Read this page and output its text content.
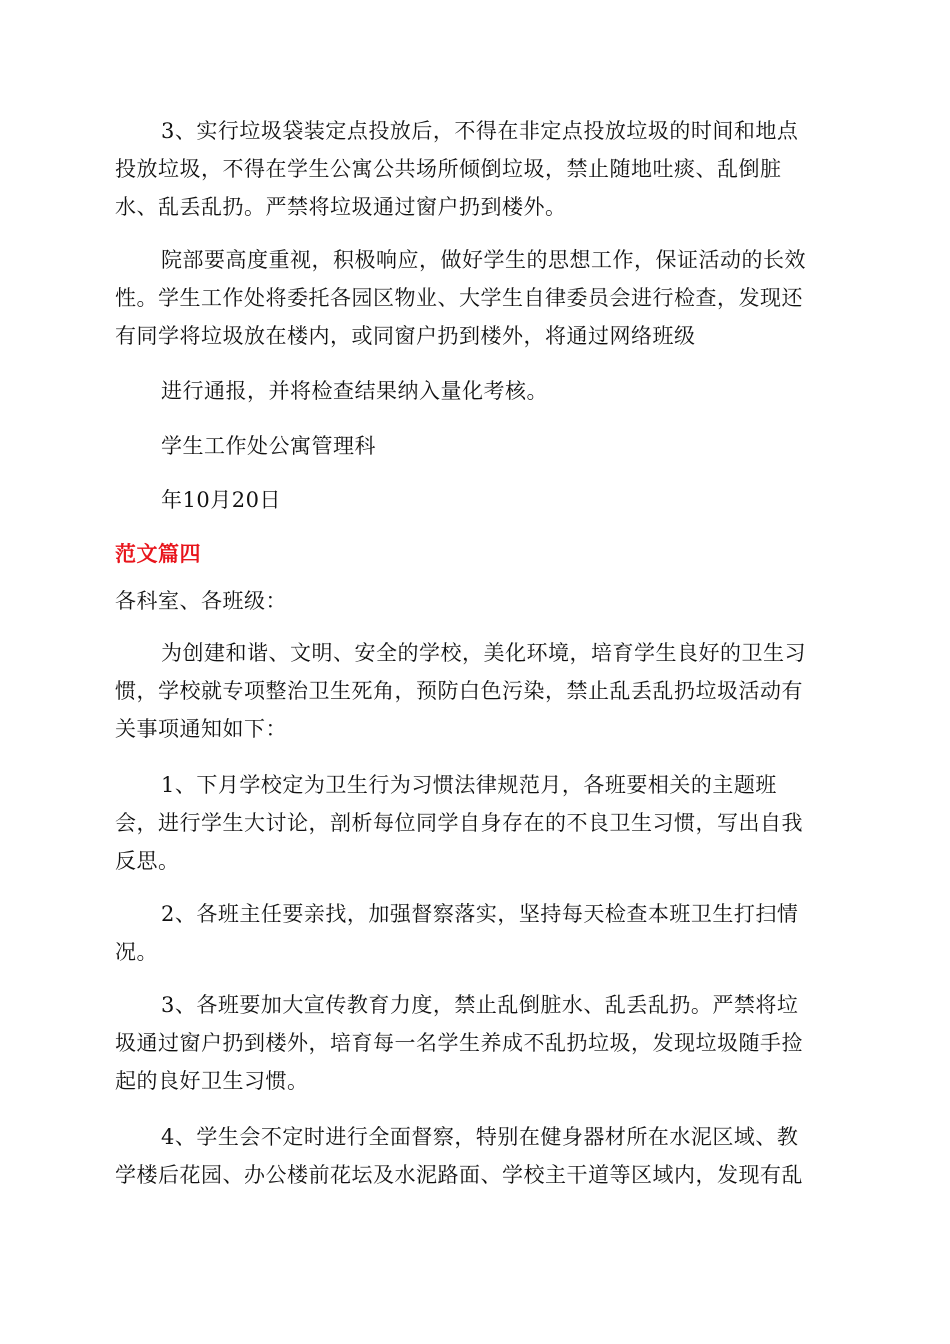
3、实行垃圾袋装定点投放后，不得在非定点投放垃圾的时间和地点
投放垃圾，不得在学生公寓公共场所倾倒垃圾，禁止随地吐痰、乱倒脏
水、乱丢乱扔。严禁将垃圾通过窗户扔到楼外。
院部要高度重视，积极响应，做好学生的思想工作，保证活动的长效
性。学生工作处将委托各园区物业、大学生自律委员会进行检查，发现还
有同学将垃圾放在楼内，或同窗户扔到楼外，将通过网络班级
进行通报，并将检查结果纳入量化考核。
学生工作处公寓管理科
年10月20日
范文篇四
各科室、各班级：
为创建和谐、文明、安全的学校，美化环境，培育学生良好的卫生习
惯，学校就专项整治卫生死角，预防白色污染，禁止乱丢乱扔垃圾活动有
关事项通知如下：
1、下月学校定为卫生行为习惯法律规范月，各班要相关的主题班
会，进行学生大讨论，剖析每位同学自身存在的不良卫生习惯，写出自我
反思。
2、各班主任要亲找，加强督察落实，坚持每天检查本班卫生打扫情
况。
3、各班要加大宣传教育力度，禁止乱倒脏水、乱丢乱扔。严禁将垃
圾通过窗户扔到楼外，培育每一名学生养成不乱扔垃圾，发现垃圾随手捡
起的良好卫生习惯。
4、学生会不定时进行全面督察，特别在健身器材所在水泥区域、教
学楼后花园、办公楼前花坛及水泥路面、学校主干道等区域内，发现有乱
